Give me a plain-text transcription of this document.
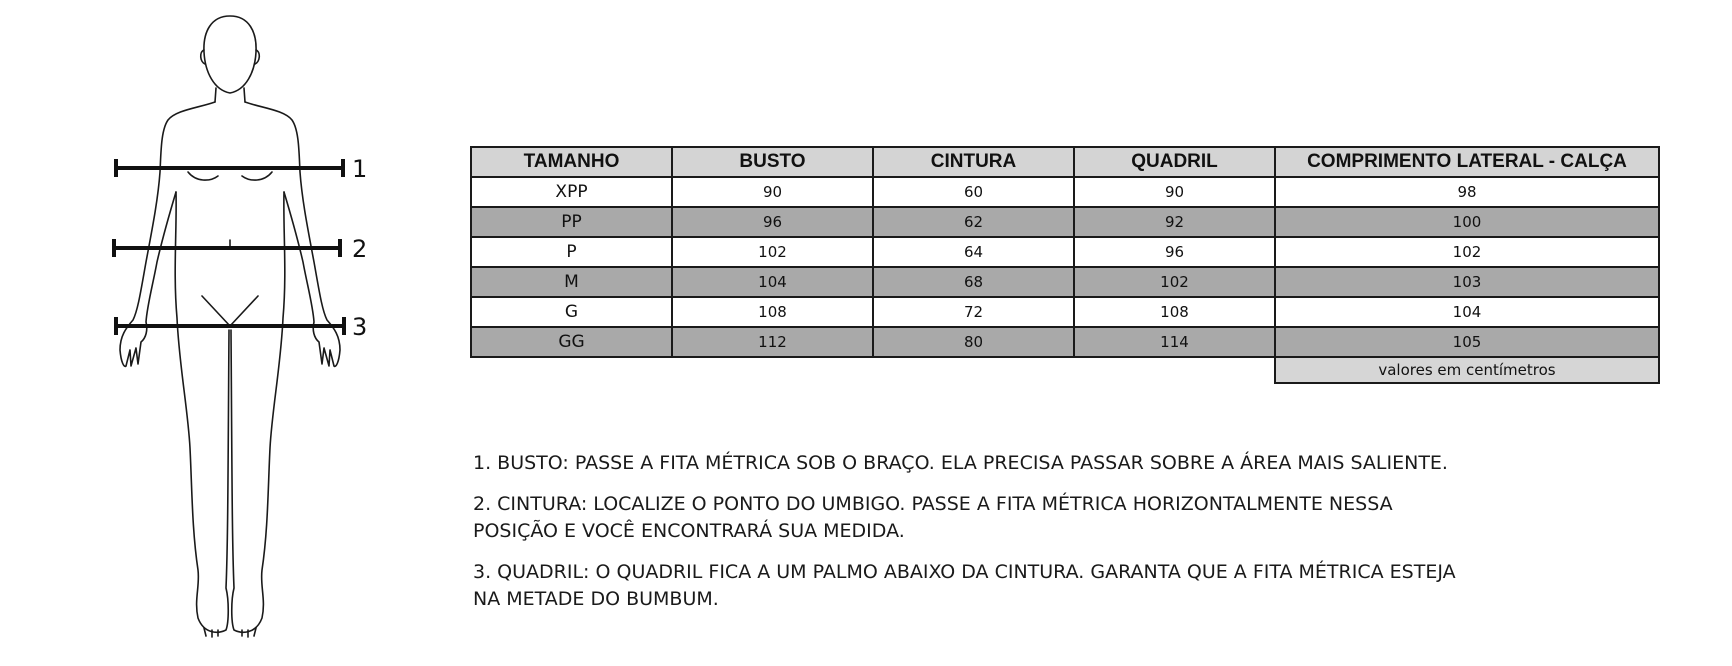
1
2
3
TAMANHO	BUSTO	CINTURA	QUADRIL	COMPRIMENTO LATERAL - CALÇA
XPP	90	60	90	98
PP	96	62	92	100
P	102	64	96	102
M	104	68	102	103
G	108	72	108	104
GG	112	80	114	105
				valores em centímetros

1. BUSTO: PASSE A FITA MÉTRICA SOB O BRAÇO. ELA PRECISA PASSAR SOBRE A ÁREA MAIS SALIENTE.

2. CINTURA: LOCALIZE O PONTO DO UMBIGO. PASSE A FITA MÉTRICA HORIZONTALMENTE NESSA POSIÇÃO E VOCÊ ENCONTRARÁ SUA MEDIDA.

3. QUADRIL: O QUADRIL FICA A UM PALMO ABAIXO DA CINTURA. GARANTA QUE A FITA MÉTRICA ESTEJA NA METADE DO BUMBUM.
